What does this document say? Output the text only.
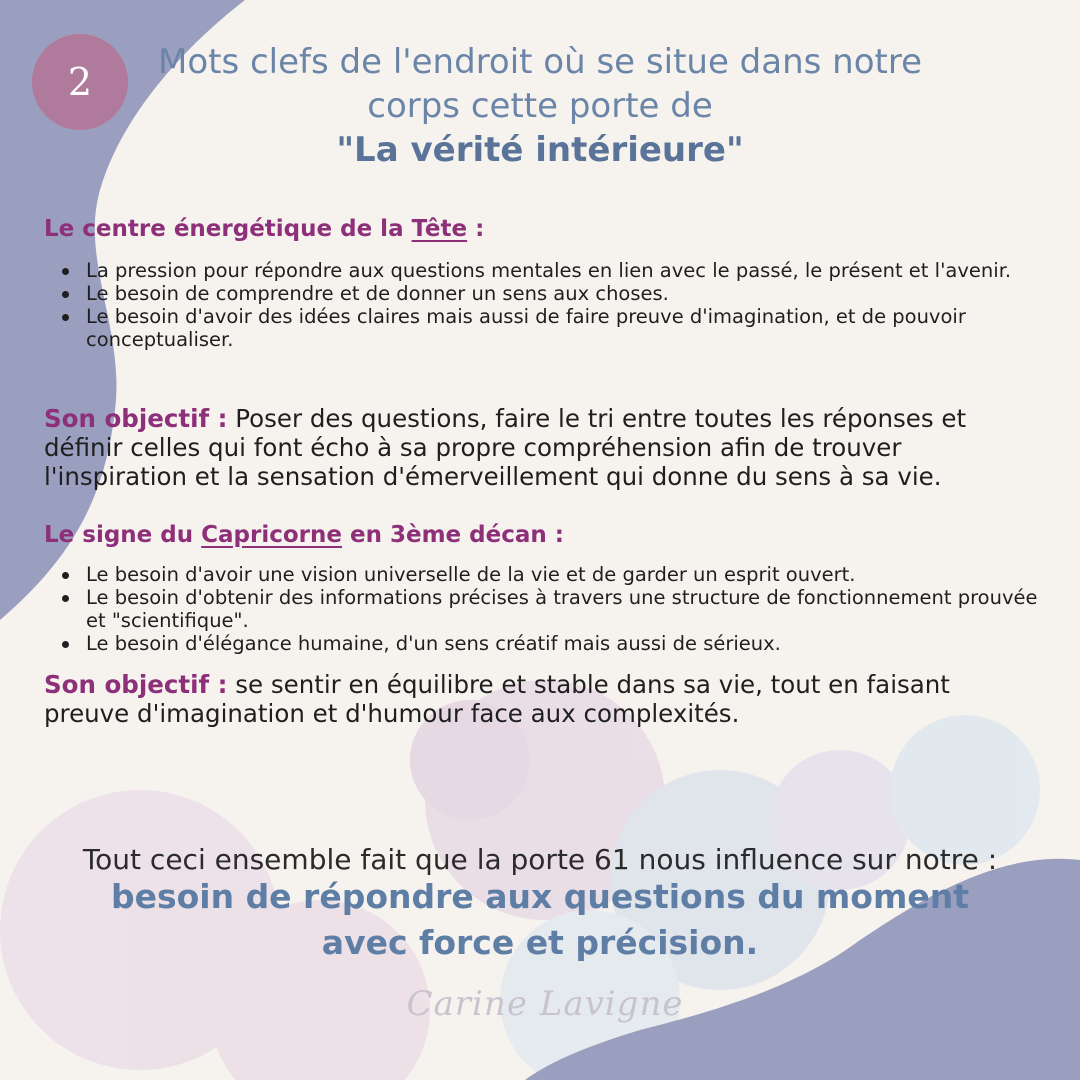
2	Mots clefs de l'endroit où se situe dans notre
corps cette porte de
"La vérité intérieure"
Le centre énergétique de la Tête :
La pression pour répondre aux questions mentales en lien avec le passé, le présent et l'avenir.
Le besoin de comprendre et de donner un sens aux choses.
Le besoin d'avoir des idées claires mais aussi de faire preuve d'imagination, et de pouvoir conceptualiser.
Son objectif : Poser des questions, faire le tri entre toutes les réponses et définir celles qui font écho à sa propre compréhension afin de trouver l'inspiration et la sensation d'émerveillement qui donne du sens à sa vie.
Le signe du Capricorne en 3ème décan :
Le besoin d'avoir une vision universelle de la vie et de garder un esprit ouvert.
Le besoin d'obtenir des informations précises à travers une structure de fonctionnement prouvée et "scientifique".
Le besoin d'élégance humaine, d'un sens créatif mais aussi de sérieux.
Son objectif : se sentir en équilibre et stable dans sa vie, tout en faisant preuve d'imagination et d'humour face aux complexités.
Tout ceci ensemble fait que la porte 61 nous influence sur notre :
besoin de répondre aux questions du moment
avec force et précision.
Carine Lavigne
